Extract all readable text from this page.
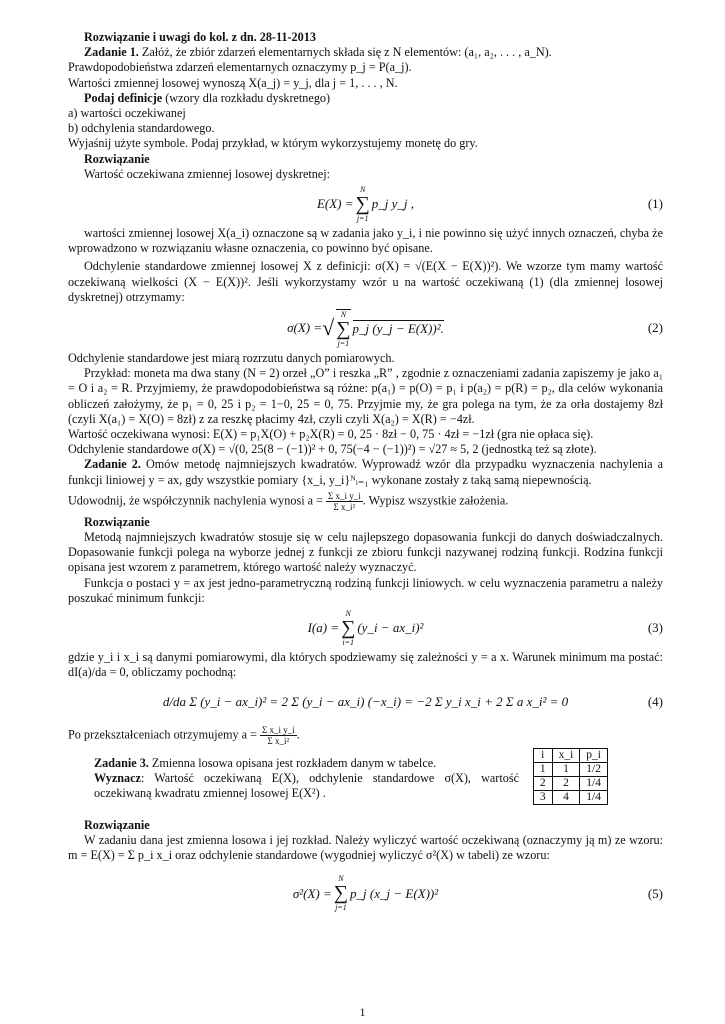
Rozwiązanie i uwagi do kol. z dn. 28-11-2013

Zadanie 1. Załóż, że zbiór zdarzeń elementarnych składa się z N elementów: (a₁, a₂, . . . , a_N).

Prawdopodobieństwa zdarzeń elementarnych oznaczymy p_j = P(a_j).

Wartości zmiennej losowej wynoszą X(a_j) = y_j, dla j = 1, . . . , N.

Podaj definicje (wzory dla rozkładu dyskretnego)

a) wartości oczekiwanej

b) odchylenia standardowego.

Wyjaśnij użyte symbole. Podaj przykład, w którym wykorzystujemy monetę do gry.

Rozwiązanie

Wartość oczekiwana zmiennej losowej dyskretnej:

E(X) =
N
∑
j=1
p_j y_j ,	(1)

wartości zmiennej losowej X(a_i) oznaczone są w zadania jako y_i, i nie powinno się użyć innych oznaczeń, chyba że wprowadzono w rozwiązaniu własne oznaczenia, co powinno być opisane.

Odchylenie standardowe zmiennej losowej X z definicji: σ(X) = √(E(X − E(X))²). We wzorze tym mamy wartość oczekiwaną wielkości (X − E(X))². Jeśli wykorzystamy wzór u na wartość oczekiwaną (1) (dla zmiennej losowej dyskretnej) otrzymamy:

σ(X) = √
N
∑
j=1
p_j (y_j − E(X))².	(2)

Odchylenie standardowe jest miarą rozrzutu danych pomiarowych.

Przykład: moneta ma dwa stany (N = 2) orzeł „O” i reszka „R” , zgodnie z oznaczeniami zadania zapiszemy je jako a₁ = O i a₂ = R. Przyjmiemy, że prawdopodobieństwa są różne: p(a₁) = p(O) = p₁ i p(a₂) = p(R) = p₂, dla celów wykonania obliczeń założymy, że p₁ = 0, 25 i p₂ = 1−0, 25 = 0, 75. Przyjmie my, że gra polega na tym, że za orła dostajemy 8zł (czyli X(a₁) = X(O) = 8zł) z za reszkę płacimy 4zł, czyli czyli X(a₂) = X(R) = −4zł.

Wartość oczekiwana wynosi: E(X) = p₁X(O) + p₂X(R) = 0, 25 · 8zł − 0, 75 · 4zł = −1zł (gra nie opłaca się).

Odchylenie standardowe σ(X) = √(0, 25(8 − (−1))² + 0, 75(−4 − (−1))²) = √27 ≈ 5, 2 (jednostką też są złote).

Zadanie 2. Omów metodę najmniejszych kwadratów. Wyprowadź wzór dla przypadku wyznaczenia nachylenia a funkcji liniowej y = ax, gdy wszystkie pomiary {x_i, y_i}ᴺᵢ₌₁ wykonane zostały z taką samą niepewnością.

Udowodnij, że współczynnik nachylenia wynosi $a = \frac{\text{Σ x\_i y\_i}}{\text{Σ x\_i²}}$ . Wypisz wszystkie założenia.

Rozwiązanie

Metodą najmniejszych kwadratów stosuje się w celu najlepszego dopasowania funkcji do danych doświadczalnych. Dopasowanie funkcji polega na wyborze jednej z funkcji ze zbioru funkcji nazywanej rodziną funkcji. Rodzina funkcji opisana jest wzorem z parametrem, którego wartość należy wyznaczyć.

Funkcja o postaci y = ax jest jedno-parametryczną rodziną funkcji liniowych. w celu wyznaczenia parametru a należy poszukać minimum funkcji:

I(a) =
N
∑
i=1
(y_i − ax_i)²	(3)

gdzie y_i i x_i są danymi pomiarowymi, dla których spodziewamy się zależności y = a x. Warunek minimum ma postać: dI(a)/da = 0, obliczamy pochodną:

d/da Σ (y_i − ax_i)² = 2 Σ (y_i − ax_i) (−x_i) = −2 Σ y_i x_i + 2 Σ a x_i² = 0	(4)

Po przekształceniach otrzymujemy $a = \frac{\text{Σ x\_i y\_i}}{\text{Σ x\_i²}}$ .

Zadanie 3. Zmienna losowa opisana jest rozkładem danym w tabelce.

Wyznacz: Wartość oczekiwaną E(X), odchylenie standardowe σ(X), wartość oczekiwaną kwadratu zmiennej losowej E(X²) .

i	x_i	p_i
1	1	1/2
2	2	1/4
3	4	1/4

Rozwiązanie

W zadaniu dana jest zmienna losowa i jej rozkład. Należy wyliczyć wartość oczekiwaną (oznaczymy ją m) ze wzoru: m = E(X) = Σ p_i x_i oraz odchylenie standardowe (wygodniej wyliczyć σ²(X) w tabeli) ze wzoru:

σ²(X) =
N
∑
j=1
p_j (x_j − E(X))²	(5)
1
